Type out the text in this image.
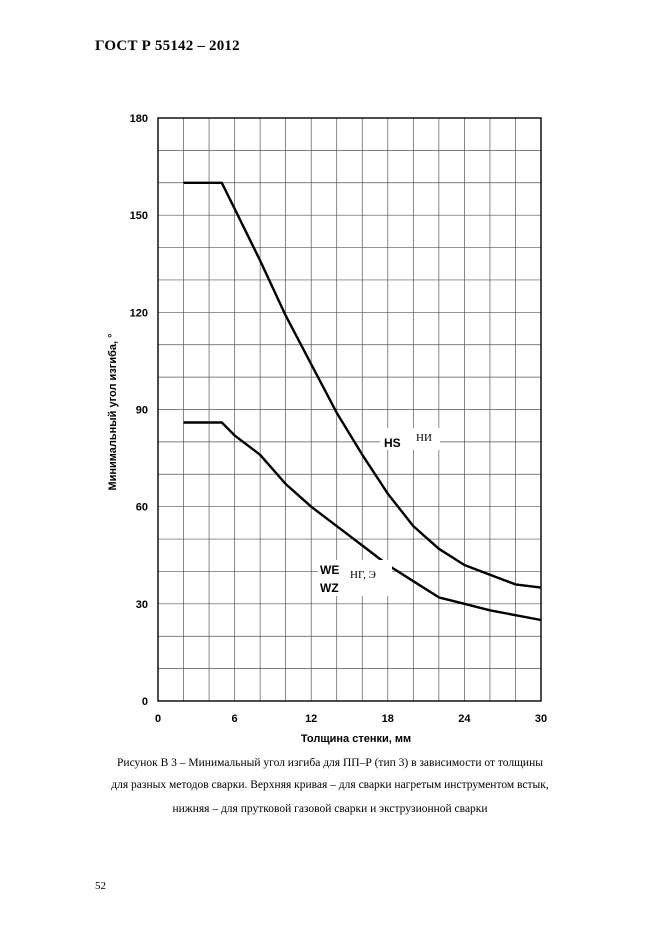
ГОСТ Р 55142 – 2012
0	6	12	18	24	30
0
30
60
90
120
150
180
Толщина стенки, мм
Минимальный угол изгиба, °	HS НИ
WE
WZ
НГ, Э
Рисунок В 3 – Минимальный угол изгиба для ПП–Р (тип 3) в зависимости от толщины
для разных методов сварки. Верхняя кривая – для сварки нагретым инструментом встык,
нижняя – для прутковой газовой сварки и экструзионной сварки
52
